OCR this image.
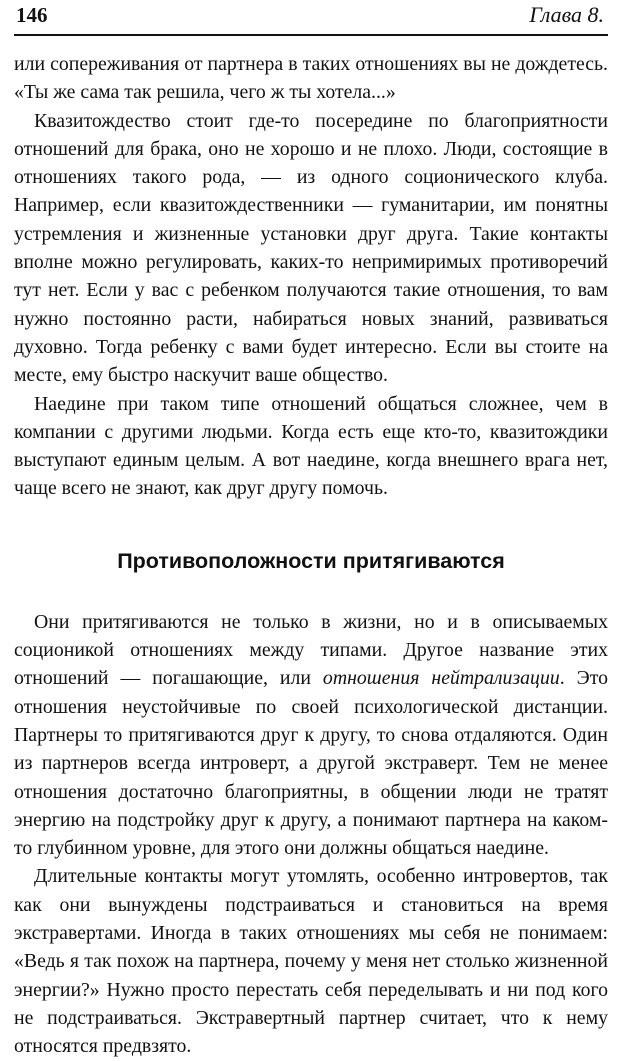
146	Глава 8.

или сопереживания от партнера в таких отношениях вы не дождетесь. «Ты же сама так решила, чего ж ты хотела...»

Квазитождество стоит где-то посередине по благоприятности отношений для брака, оно не хорошо и не плохо. Люди, состоящие в отношениях такого рода, — из одного соционического клуба. Например, если квазитождественники — гуманитарии, им понятны устремления и жизненные установки друг друга. Такие контакты вполне можно регулировать, каких-то непримиримых противоречий тут нет. Если у вас с ребенком получаются такие отношения, то вам нужно постоянно расти, набираться новых знаний, развиваться духовно. Тогда ребенку с вами будет интересно. Если вы стоите на месте, ему быстро наскучит ваше общество.

Наедине при таком типе отношений общаться сложнее, чем в компании с другими людьми. Когда есть еще кто-то, квазитождики выступают единым целым. А вот наедине, когда внешнего врага нет, чаще всего не знают, как друг другу помочь.

Противоположности притягиваются

Они притягиваются не только в жизни, но и в описываемых соционикой отношениях между типами. Другое название этих отношений — погашающие, или отношения нейтрализации. Это отношения неустойчивые по своей психологической дистанции. Партнеры то притягиваются друг к другу, то снова отдаляются. Один из партнеров всегда интроверт, а другой экстраверт. Тем не менее отношения достаточно благоприятны, в общении люди не тратят энергию на подстройку друг к другу, а понимают партнера на каком-то глубинном уровне, для этого они должны общаться наедине.

Длительные контакты могут утомлять, особенно интровертов, так как они вынуждены подстраиваться и становиться на время экстравертами. Иногда в таких отношениях мы себя не понимаем: «Ведь я так похож на партнера, почему у меня нет столько жизненной энергии?» Нужно просто перестать себя переделывать и ни под кого не подстраиваться. Экстравертный партнер считает, что к нему относятся предвзято.
